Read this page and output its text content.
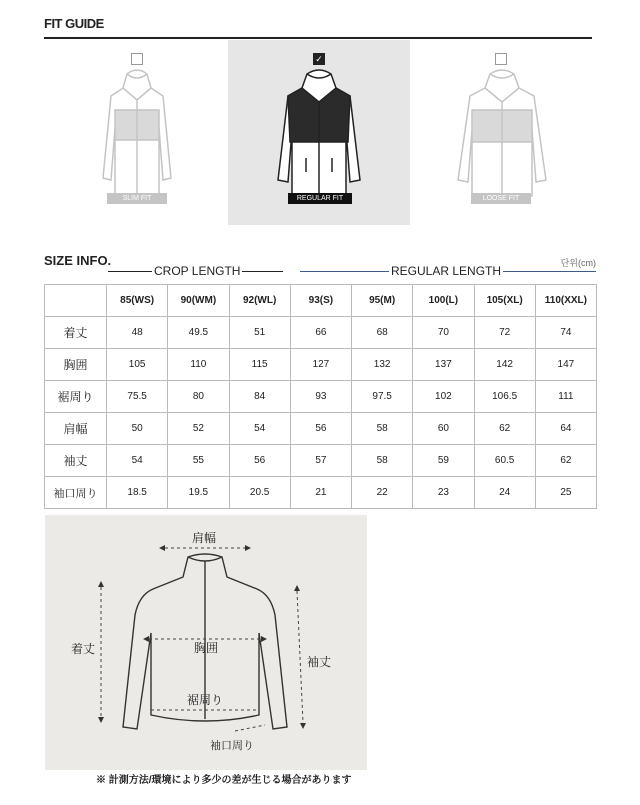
FIT GUIDE
SLIM FIT
✓
REGULAR FIT	LOOSE FIT
SIZE INFO.	단위(cm)
CROP LENGTH	REGULAR LENGTH
	85(WS)	90(WM)	92(WL)	93(S)	95(M)	100(L)	105(XL)	110(XXL)
着丈	48	49.5	51	66	68	70	72	74
胸囲	105	110	115	127	132	137	142	147
裾周り	75.5	80	84	93	97.5	102	106.5	111
肩幅	50	52	54	56	58	60	62	64
袖丈	54	55	56	57	58	59	60.5	62
袖口周り	18.5	19.5	20.5	21	22	23	24	25
肩幅
着丈	胸囲
袖丈
裾周り
袖口周り
※ 計測方法/環境により多少の差が生じる場合があります
